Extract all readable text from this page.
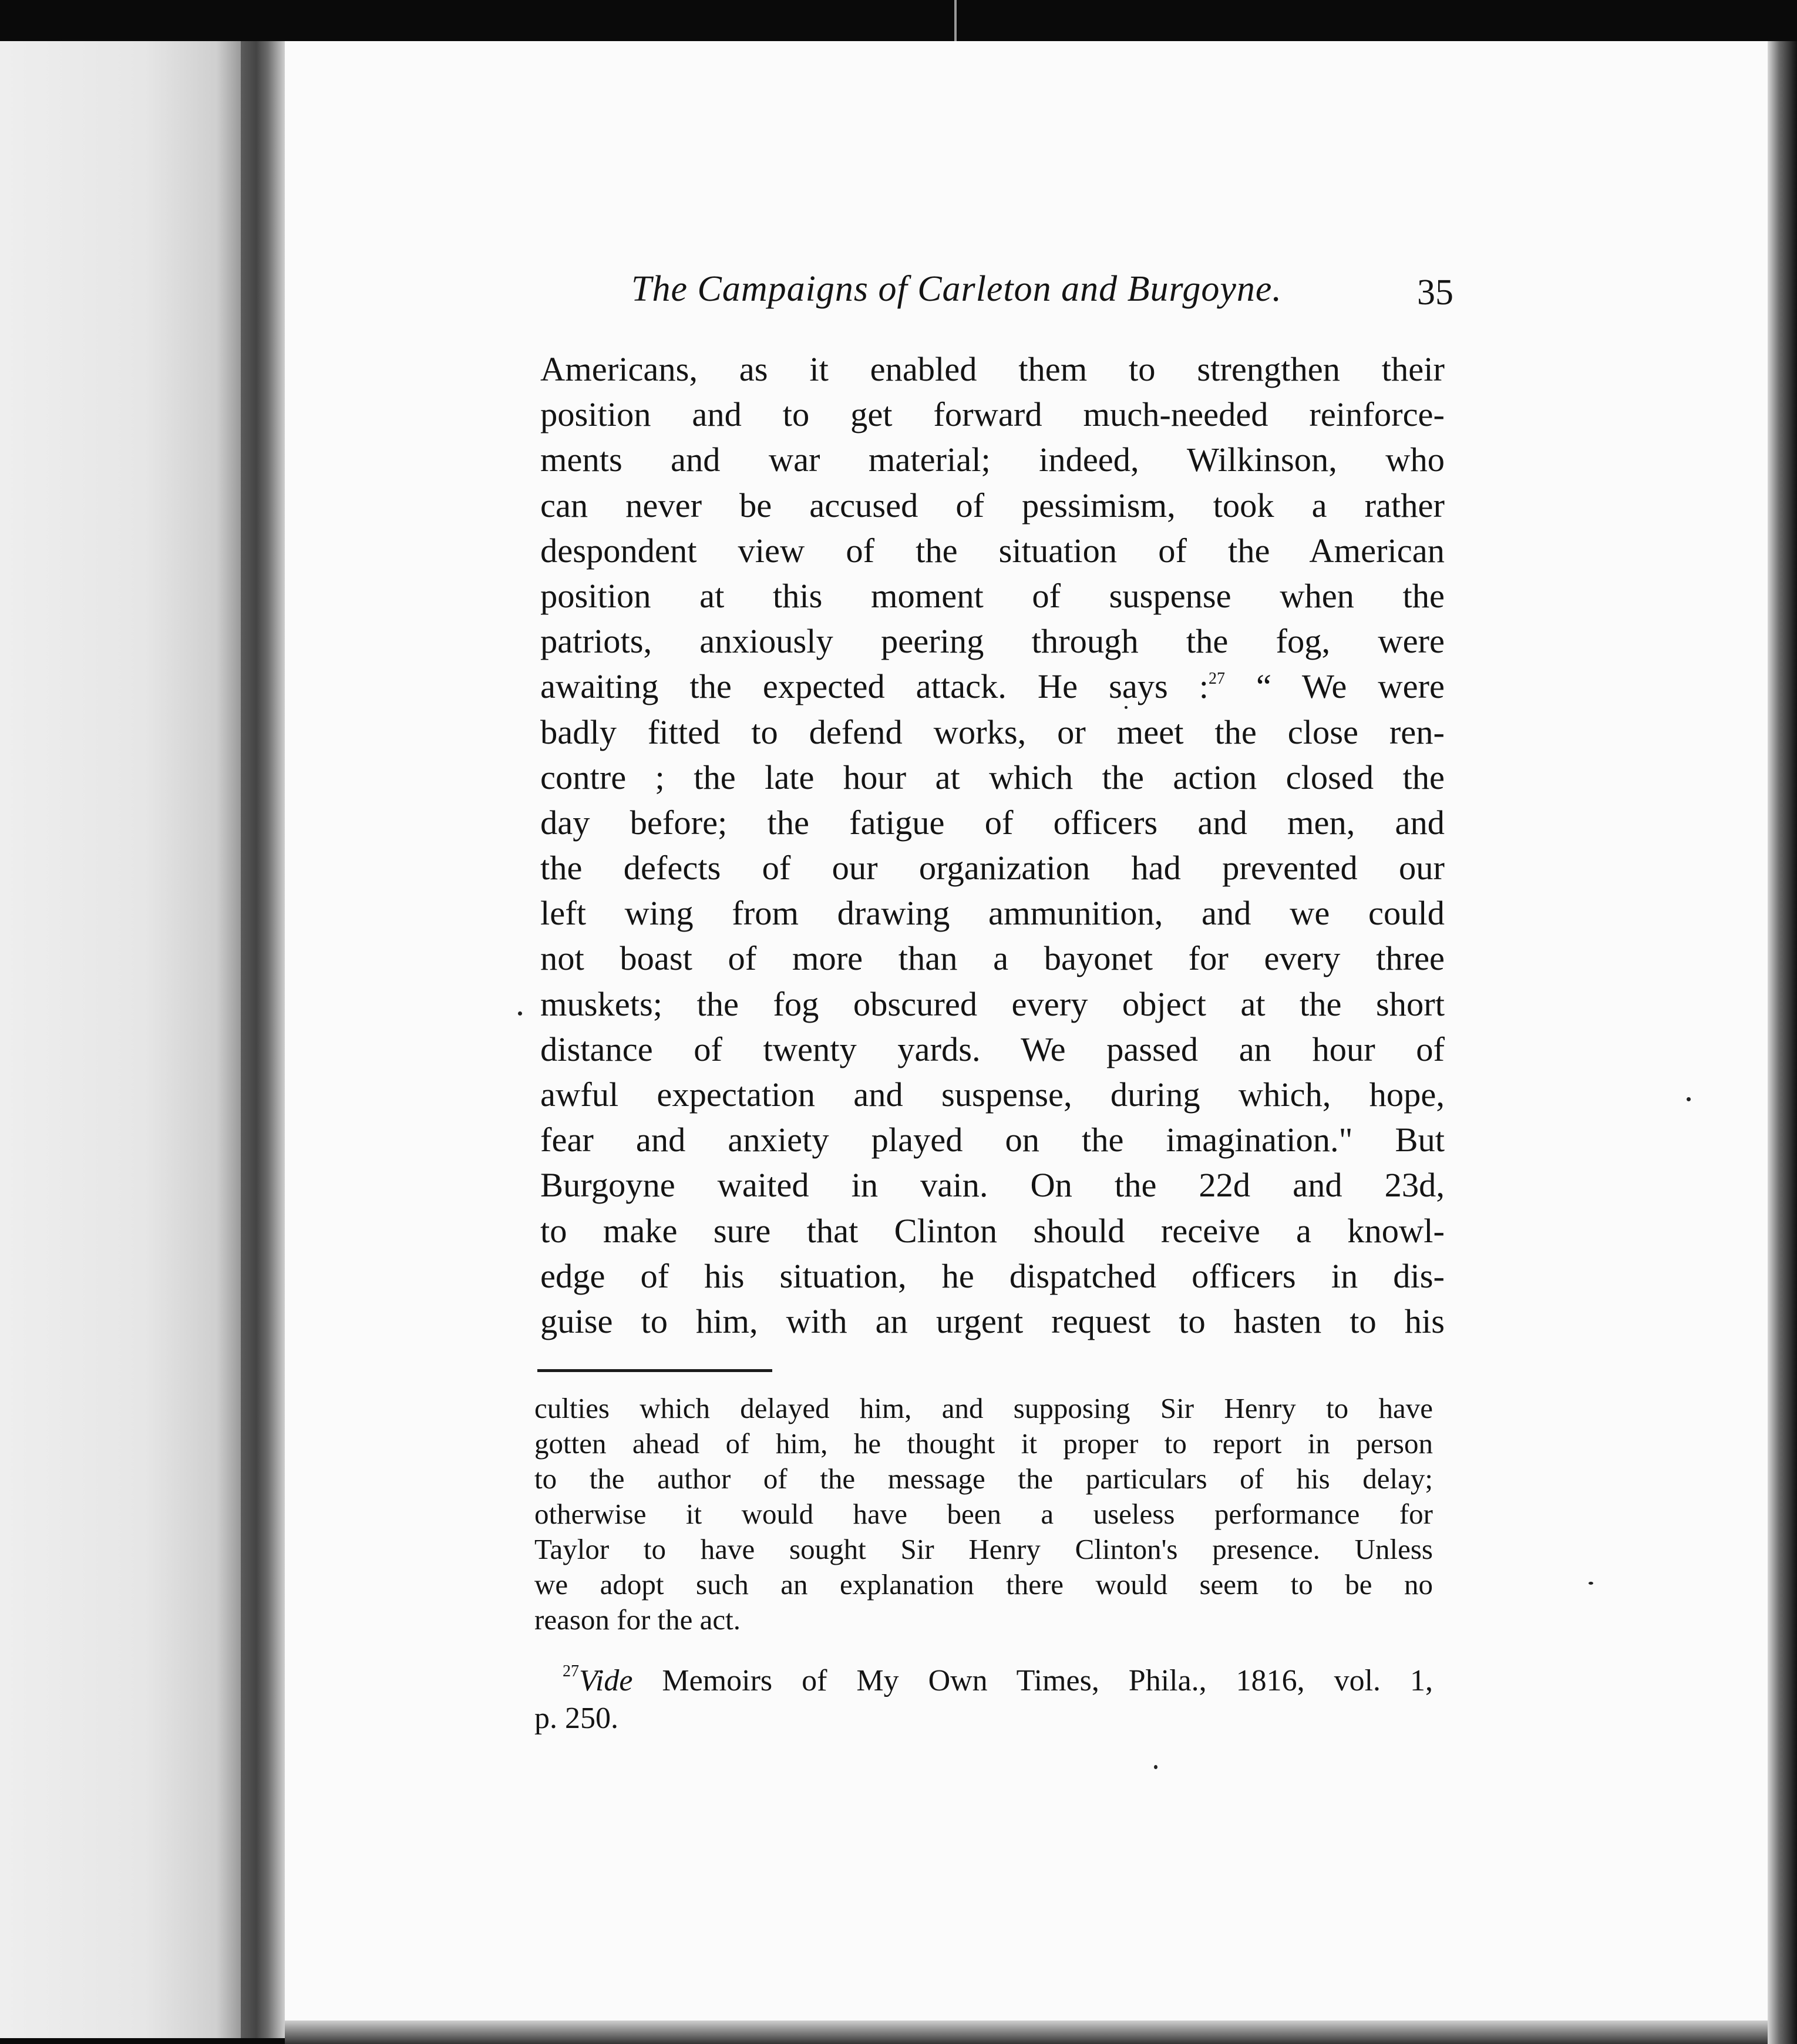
The Campaigns of Carleton and Burgoyne.	35
Americans, as it enabled them to strengthen their
position and to get forward much-needed reinforce-
ments and war material; indeed, Wilkinson, who
can never be accused of pessimism, took a rather
despondent view of the situation of the American
position at this moment of suspense when the
patriots, anxiously peering through the fog, were
awaiting the expected attack. He says :$^{27}$ “ We were
badly fitted to defend works, or meet the close ren-
contre ; the late hour at which the action closed the
day before; the fatigue of officers and men, and
the defects of our organization had prevented our
left wing from drawing ammunition, and we could
not boast of more than a bayonet for every three
muskets; the fog obscured every object at the short
distance of twenty yards. We passed an hour of
awful expectation and suspense, during which, hope,
fear and anxiety played on the imagination." But
Burgoyne waited in vain. On the 22d and 23d,
to make sure that Clinton should receive a knowl-
edge of his situation, he dispatched officers in dis-
guise to him, with an urgent request to hasten to his
culties which delayed him, and supposing Sir Henry to have
gotten ahead of him, he thought it proper to report in person
to the author of the message the particulars of his delay;
otherwise it would have been a useless performance for
Taylor to have sought Sir Henry Clinton's presence. Unless
we adopt such an explanation there would seem to be no
reason for the act.
$^{27}$Vide Memoirs of My Own Times, Phila., 1816, vol. 1,
p. 250.
